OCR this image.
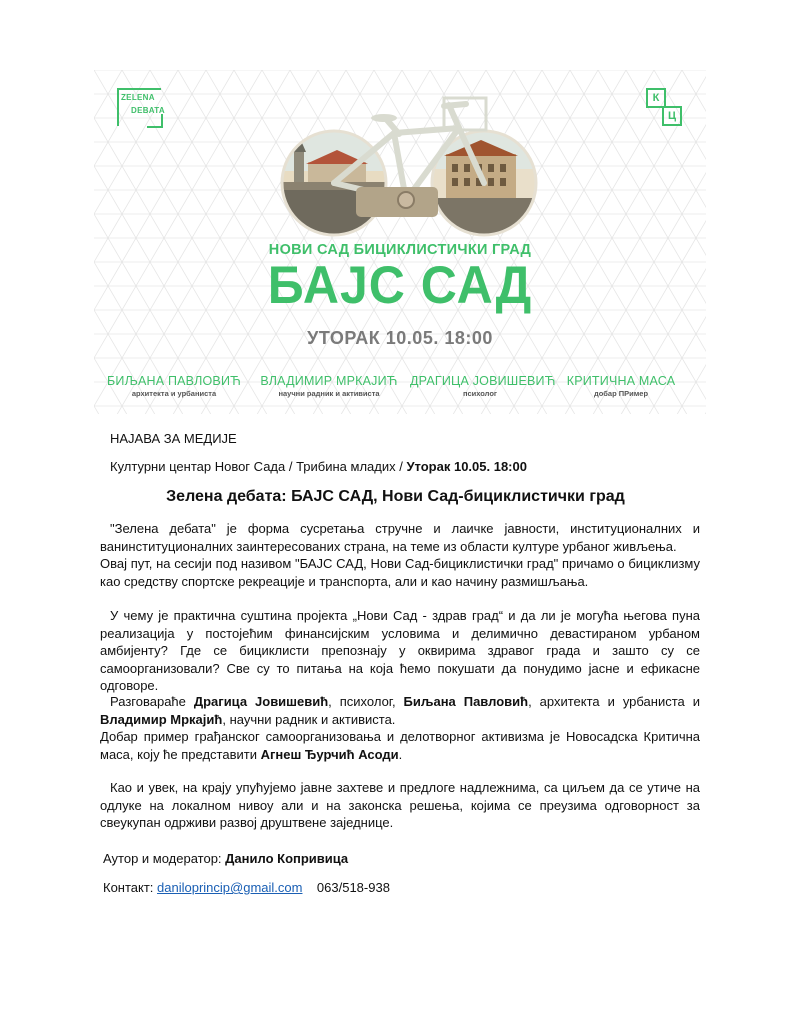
ZELENA
DEBATA
К
Ц
НОВИ САД БИЦИКЛИСТИЧКИ ГРАД
БАЈС САД
УТОРАК 10.05. 18:00
БИЉАНА ПАВЛОВИЋ
архитекта и урбаниста
ВЛАДИМИР МРКАЈИЋ
научни радник и активиста
ДРАГИЦА ЈОВИШЕВИЋ
психолог
КРИТИЧНА МАСА
добар ПРимер
НАЈАВА ЗА МЕДИЈЕ
Културни центар Новог Сада / Трибина младих / Уторак 10.05. 18:00
Зелена дебата: БАЈС САД, Нови Сад-бициклистички град
"Зелена дебата" је форма сусретања стручне и лаичке јавности, институционалних и ванинституционалних заинтересованих страна, на теме из области културе урбаног живљења.
Овај пут, на сесији под називом "БАЈС САД, Нови Сад-бициклистички град" причамо о бициклизму као средству спортске рекреације и транспорта, али и као начину размишљања.
У чему је практична суштина пројекта „Нови Сад - здрав град“ и да ли је могућа његова пуна реализација у постојећим финансијским условима и делимично девастираном урбаном амбијенту? Где се бициклисти препознају у оквирима здравог града и зашто су се самоорганизовали? Све су то питања на која ћемо покушати да понудимо јасне и ефикасне одговоре.
Разговараће Драгица Јовишевић, психолог, Биљана Павловић, архитекта и урбаниста и Владимир Мркајић, научни радник и активиста.
Добар пример грађанског самоорганизовања и делотворног активизма је Новосадска Критична маса, коју ће представити Агнеш Ђурчић Асоди.
Као и увек, на крају упућујемо јавне захтеве и предлоге надлежнима, са циљем да се утиче на одлуке на локалном нивоу али и на законска решења, којима се преузима одговорност за свеукупан одрживи развој друштвене заједнице.
Аутор и модератор: Данило Копривица
Контакт: daniloprincip@gmail.com 063/518-938
